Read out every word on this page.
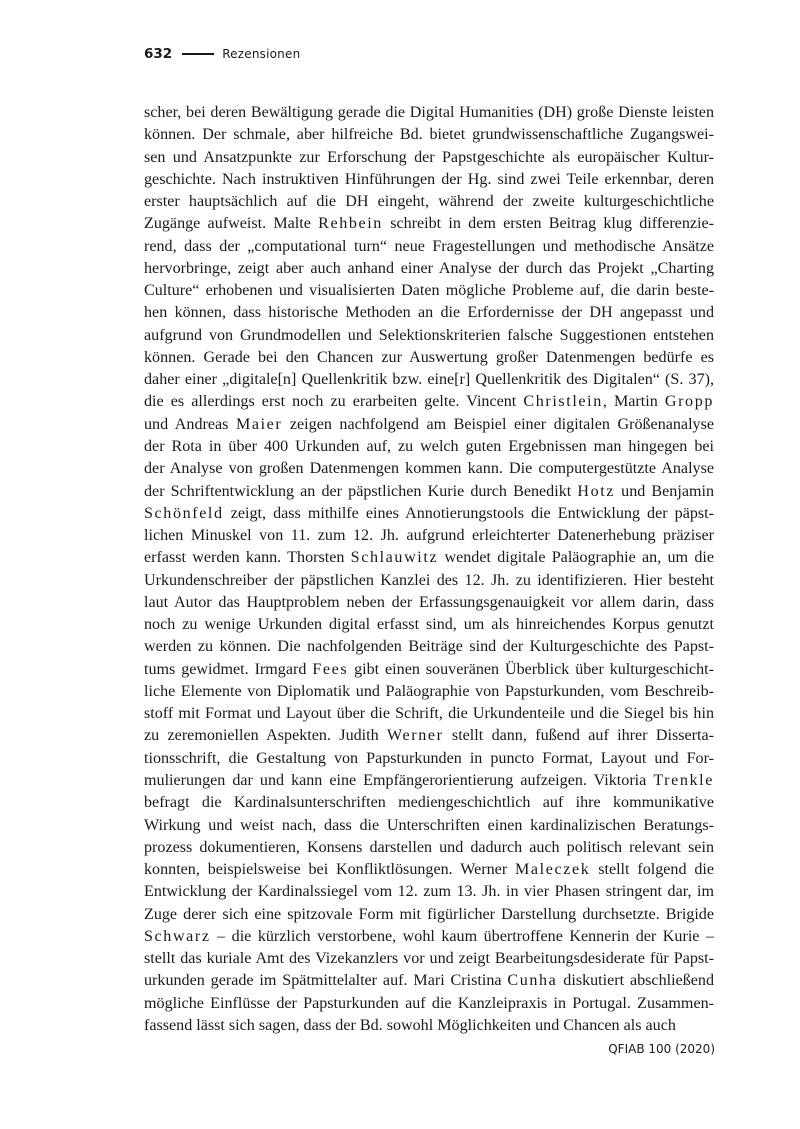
632	Rezensionen
scher, bei deren Bewältigung gerade die Digital Humanities (DH) große Dienste leisten
können. Der schmale, aber hilfreiche Bd. bietet grundwissenschaftliche Zugangswei-
sen und Ansatzpunkte zur Erforschung der Papstgeschichte als europäischer Kultur-
geschichte. Nach instruktiven Hinführungen der Hg. sind zwei Teile erkennbar, deren
erster hauptsächlich auf die DH eingeht, während der zweite kulturgeschichtliche
Zugänge aufweist. Malte Rehbein schreibt in dem ersten Beitrag klug differenzie-
rend, dass der „computational turn“ neue Fragestellungen und methodische Ansätze
hervorbringe, zeigt aber auch anhand einer Analyse der durch das Projekt „Charting
Culture“ erhobenen und visualisierten Daten mögliche Probleme auf, die darin beste-
hen können, dass historische Methoden an die Erfordernisse der DH angepasst und
aufgrund von Grundmodellen und Selektionskriterien falsche Suggestionen entstehen
können. Gerade bei den Chancen zur Auswertung großer Datenmengen bedürfe es
daher einer „digitale[n] Quellenkritik bzw. eine[r] Quellenkritik des Digitalen“ (S. 37),
die es allerdings erst noch zu erarbeiten gelte. Vincent Christlein, Martin Gropp
und Andreas Maier zeigen nachfolgend am Beispiel einer digitalen Größenanalyse
der Rota in über 400 Urkunden auf, zu welch guten Ergebnissen man hingegen bei
der Analyse von großen Datenmengen kommen kann. Die computergestützte Analyse
der Schriftentwicklung an der päpstlichen Kurie durch Benedikt Hotz und Benjamin
Schönfeld zeigt, dass mithilfe eines Annotierungstools die Entwicklung der päpst-
lichen Minuskel von 11. zum 12. Jh. aufgrund erleichterter Datenerhebung präziser
erfasst werden kann. Thorsten Schlauwitz wendet digitale Paläographie an, um die
Urkundenschreiber der päpstlichen Kanzlei des 12. Jh. zu identifizieren. Hier besteht
laut Autor das Hauptproblem neben der Erfassungsgenauigkeit vor allem darin, dass
noch zu wenige Urkunden digital erfasst sind, um als hinreichendes Korpus genutzt
werden zu können. Die nachfolgenden Beiträge sind der Kulturgeschichte des Papst-
tums gewidmet. Irmgard Fees gibt einen souveränen Überblick über kulturgeschicht-
liche Elemente von Diplomatik und Paläographie von Papsturkunden, vom Beschreib-
stoff mit Format und Layout über die Schrift, die Urkundenteile und die Siegel bis hin
zu zeremoniellen Aspekten. Judith Werner stellt dann, fußend auf ihrer Disserta-
tionsschrift, die Gestaltung von Papsturkunden in puncto Format, Layout und For-
mulierungen dar und kann eine Empfängerorientierung aufzeigen. Viktoria Trenkle
befragt die Kardinalsunterschriften mediengeschichtlich auf ihre kommunikative
Wirkung und weist nach, dass die Unterschriften einen kardinalizischen Beratungs-
prozess dokumentieren, Konsens darstellen und dadurch auch politisch relevant sein
konnten, beispielsweise bei Konfliktlösungen. Werner Maleczek stellt folgend die
Entwicklung der Kardinalssiegel vom 12. zum 13. Jh. in vier Phasen stringent dar, im
Zuge derer sich eine spitzovale Form mit figürlicher Darstellung durchsetzte. Brigide
Schwarz – die kürzlich verstorbene, wohl kaum übertroffene Kennerin der Kurie –
stellt das kuriale Amt des Vizekanzlers vor und zeigt Bearbeitungsdesiderate für Papst-
urkunden gerade im Spätmittelalter auf. Mari Cristina Cunha diskutiert abschließend
mögliche Einflüsse der Papsturkunden auf die Kanzleipraxis in Portugal. Zusammen-
fassend lässt sich sagen, dass der Bd. sowohl Möglichkeiten und Chancen als auch
QFIAB 100 (2020)
